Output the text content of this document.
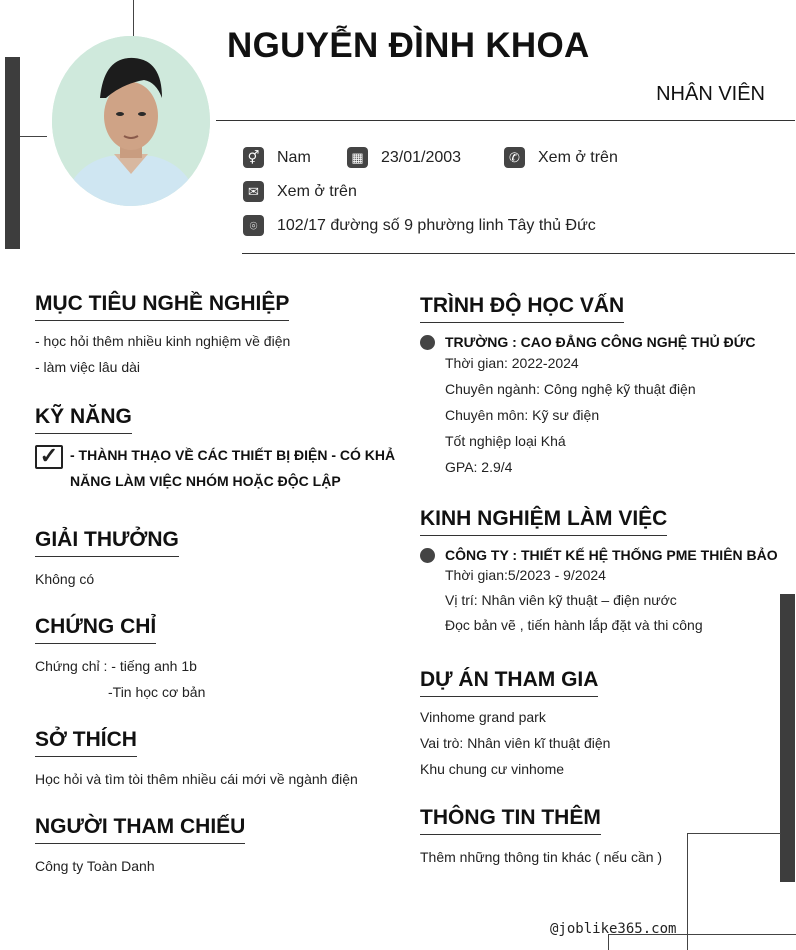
NGUYỄN ĐÌNH KHOA
NHÂN VIÊN
⚥ Nam	▦ 23/01/2003	✆	Xem ở trên
✉	Xem ở trên
⌾	102/17 đường số 9 phường linh Tây thủ Đức
MỤC TIÊU NGHỀ NGHIỆP
- học hỏi thêm nhiều kinh nghiệm về điện
- làm việc lâu dài
KỸ NĂNG
✓ - THÀNH THẠO VỀ CÁC THIẾT BỊ ĐIỆN - CÓ KHẢ
NĂNG LÀM VIỆC NHÓM HOẶC ĐỘC LẬP
GIẢI THƯỞNG
Không có
CHỨNG CHỈ
Chứng chỉ : - tiếng anh 1b
-Tin học cơ bản
SỞ THÍCH
Học hỏi và tìm tòi thêm nhiều cái mới về ngành điện
NGƯỜI THAM CHIẾU
Công ty Toàn Danh
TRÌNH ĐỘ HỌC VẤN
TRƯỜNG : CAO ĐẲNG CÔNG NGHỆ THỦ ĐỨC
Thời gian: 2022-2024
Chuyên ngành: Công nghệ kỹ thuật điện
Chuyên môn: Kỹ sư điện
Tốt nghiệp loại Khá
GPA: 2.9/4
KINH NGHIỆM LÀM VIỆC
CÔNG TY : THIẾT KẾ HỆ THỐNG PME THIÊN BẢO
Thời gian:5/2023 - 9/2024
Vị trí: Nhân viên kỹ thuật – điện nước
Đọc bản vẽ , tiến hành lắp đặt và thi công
DỰ ÁN THAM GIA
Vinhome grand park
Vai trò: Nhân viên kĩ thuật điện
Khu chung cư vinhome
THÔNG TIN THÊM
Thêm những thông tin khác ( nếu cần )
@joblike365.com
